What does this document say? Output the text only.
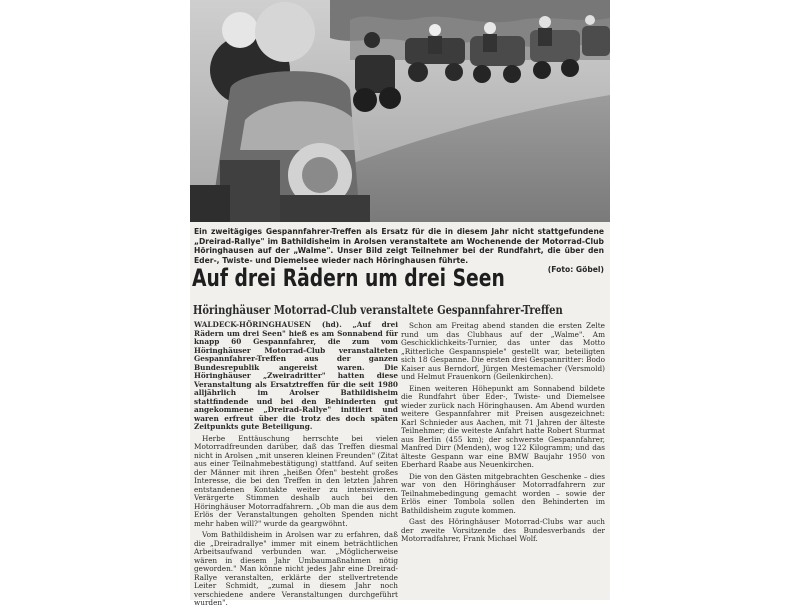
Ein zweitägiges Gespannfahrer-Treffen als Ersatz für die in diesem Jahr nicht stattgefundene „Dreirad-Rallye" im Bathildisheim in Arolsen veranstaltete am Wochenende der Motorrad-Club Höringhausen auf der „Walme". Unser Bild zeigt Teilnehmer bei der Rundfahrt, die über den Eder-, Twiste- und Diemelsee wieder nach Höringhausen führte.
(Foto: Göbel)
Auf drei Rädern um drei Seen
Höringhäuser Motorrad-Club veranstaltete Gespannfahrer-Treffen

WALDECK-HÖRINGHAUSEN (hd). „Auf drei Rädern um drei Seen" hieß es am Sonnabend für knapp 60 Gespannfahrer, die zum vom Höringhäuser Motorrad-Club veranstalteten Gespannfahrer-Treffen aus der ganzen Bundesrepublik angereist waren. Die Höringhäuser „Zweiradritter" hatten diese Veranstaltung als Ersatztreffen für die seit 1980 alljährlich im Arolser Bathildisheim stattfindende und bei den Behinderten gut angekommene „Dreirad-Rallye" initiiert und waren erfreut über die trotz des doch späten Zeitpunkts gute Beteiligung.

Herbe Enttäuschung herrschte bei vielen Motorradfreunden darüber, daß das Treffen diesmal nicht in Arolsen „mit unseren kleinen Freunden" (Zitat aus einer Teilnahmebestätigung) stattfand. Auf seiten der Männer mit ihren „heißen Öfen" besteht großes Interesse, die bei den Treffen in den letzten Jahren entstandenen Kontakte weiter zu intensivieren. Verärgerte Stimmen deshalb auch bei den Höringhäuser Motorradfahrern. „Ob man die aus dem Erlös der Veranstaltungen geholten Spenden nicht mehr haben will?" wurde da geargwöhnt.

Vom Bathildisheim in Arolsen war zu erfahren, daß die „Dreiradrallye" immer mit einem beträchtlichen Arbeitsaufwand verbunden war. „Möglicherweise wären in diesem Jahr Umbaumaßnahmen nötig geworden." Man könne nicht jedes Jahr eine Dreirad-Rallye veranstalten, erklärte der stellvertretende Leiter Schmidt, „zumal in diesem Jahr noch verschiedene andere Veranstaltungen durchgeführt wurden".

Schon am Freitag abend standen die ersten Zelte rund um das Clubhaus auf der „Walme". Am Geschicklichkeits-Turnier, das unter das Motto „Ritterliche Gespannspiele" gestellt war, beteiligten sich 18 Gespanne. Die ersten drei Gespannritter: Bodo Kaiser aus Berndorf, Jürgen Mestemacher (Versmold) und Helmut Frauenkorn (Geilenkirchen).

Einen weiteren Höhepunkt am Sonnabend bildete die Rundfahrt über Eder-, Twiste- und Diemelsee wieder zurück nach Höringhausen. Am Abend wurden weitere Gespannfahrer mit Preisen ausgezeichnet: Karl Schnieder aus Aachen, mit 71 Jahren der älteste Teilnehmer; die weiteste Anfahrt hatte Robert Sturmat aus Berlin (455 km); der schwerste Gespannfahrer, Manfred Dirr (Menden), wog 122 Kilogramm; und das älteste Gespann war eine BMW Baujahr 1950 von Eberhard Raabe aus Neuenkirchen.

Die von den Gästen mitgebrachten Geschenke – dies war von den Höringhäuser Motorradfahrern zur Teilnahmebedingung gemacht worden – sowie der Erlös einer Tombola sollen den Behinderten im Bathildisheim zugute kommen.

Gast des Höringhäuser Motorrad-Clubs war auch der zweite Vorsitzende des Bundesverbands der Motorradfahrer, Frank Michael Wolf.
